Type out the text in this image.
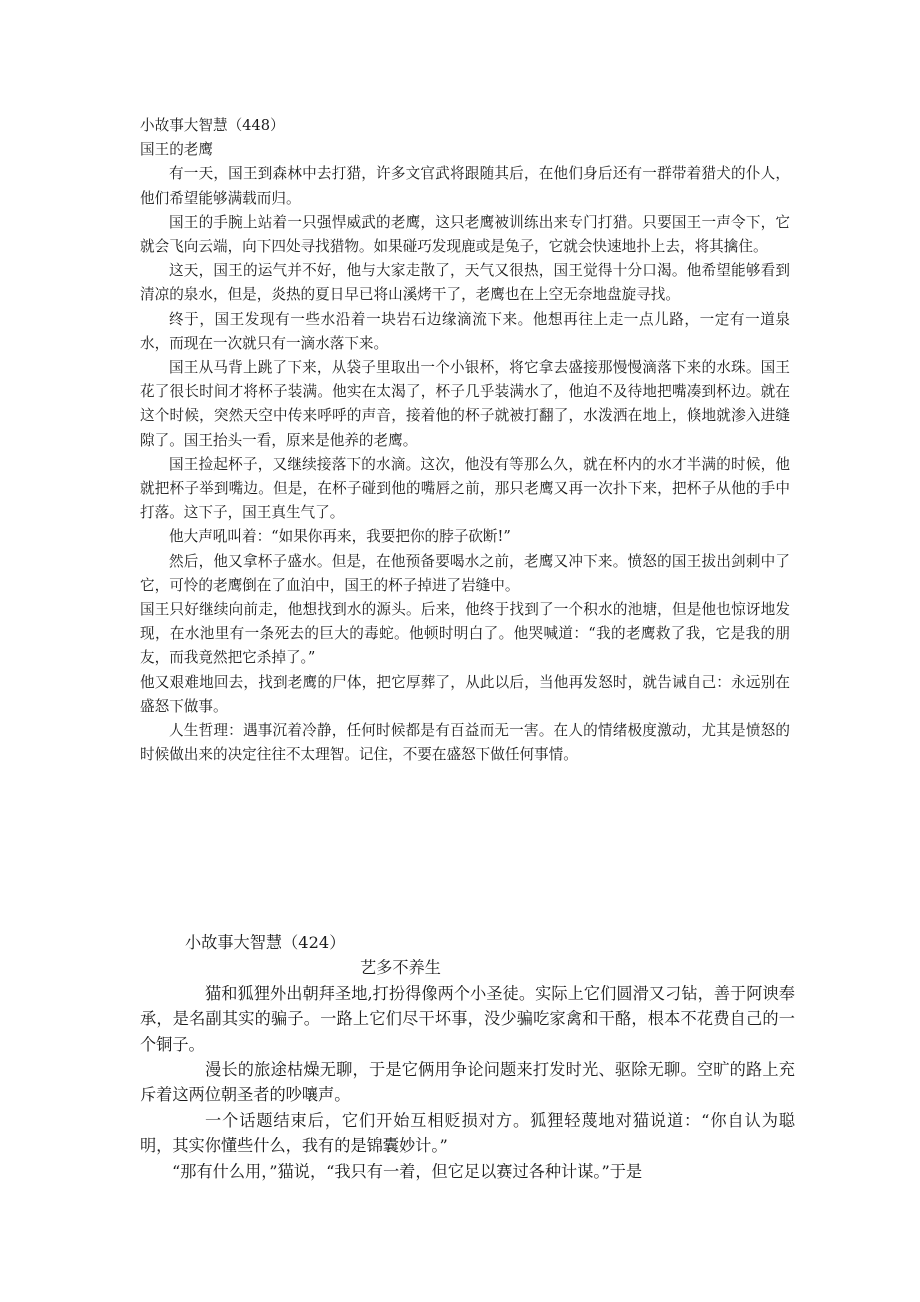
小故事大智慧（448）

国王的老鹰

有一天，国王到森林中去打猎，许多文官武将跟随其后，在他们身后还有一群带着猎犬的仆人，他们希望能够满载而归。

国王的手腕上站着一只强悍威武的老鹰，这只老鹰被训练出来专门打猎。只要国王一声令下，它就会飞向云端，向下四处寻找猎物。如果碰巧发现鹿或是兔子，它就会快速地扑上去，将其擒住。

这天，国王的运气并不好，他与大家走散了，天气又很热，国王觉得十分口渴。他希望能够看到清凉的泉水，但是，炎热的夏日早已将山溪烤干了，老鹰也在上空无奈地盘旋寻找。

终于，国王发现有一些水沿着一块岩石边缘滴流下来。他想再往上走一点儿路，一定有一道泉水，而现在一次就只有一滴水落下来。

国王从马背上跳了下来，从袋子里取出一个小银杯，将它拿去盛接那慢慢滴落下来的水珠。国王花了很长时间才将杯子装满。他实在太渴了，杯子几乎装满水了，他迫不及待地把嘴凑到杯边。就在这个时候，突然天空中传来呼呼的声音，接着他的杯子就被打翻了，水泼洒在地上，倏地就渗入进缝隙了。国王抬头一看，原来是他养的老鹰。

国王捡起杯子，又继续接落下的水滴。这次，他没有等那么久，就在杯内的水才半满的时候，他就把杯子举到嘴边。但是，在杯子碰到他的嘴唇之前，那只老鹰又再一次扑下来，把杯子从他的手中打落。这下子，国王真生气了。

他大声吼叫着：“如果你再来，我要把你的脖子砍断!”

然后，他又拿杯子盛水。但是，在他预备要喝水之前，老鹰又冲下来。愤怒的国王拔出剑刺中了它，可怜的老鹰倒在了血泊中，国王的杯子掉进了岩缝中。

国王只好继续向前走，他想找到水的源头。后来，他终于找到了一个积水的池塘，但是他也惊讶地发现，在水池里有一条死去的巨大的毒蛇。他顿时明白了。他哭喊道：“我的老鹰救了我，它是我的朋友，而我竟然把它杀掉了。”

他又艰难地回去，找到老鹰的尸体，把它厚葬了，从此以后，当他再发怒时，就告诫自己：永远别在盛怒下做事。

人生哲理：遇事沉着冷静，任何时候都是有百益而无一害。在人的情绪极度激动，尤其是愤怒的时候做出来的决定往往不太理智。记住，不要在盛怒下做任何事情。

小故事大智慧（424）

艺多不养生

猫和狐狸外出朝拜圣地,打扮得像两个小圣徒。实际上它们圆滑又刁钻，善于阿谀奉承，是名副其实的骗子。一路上它们尽干坏事，没少骗吃家禽和干酪，根本不花费自己的一个铜子。

漫长的旅途枯燥无聊，于是它俩用争论问题来打发时光、驱除无聊。空旷的路上充斥着这两位朝圣者的吵嚷声。

一个话题结束后，它们开始互相贬损对方。狐狸轻蔑地对猫说道：“你自认为聪明，其实你懂些什么，我有的是锦囊妙计。”

“那有什么用，”猫说，“我只有一着，但它足以赛过各种计谋。”于是
